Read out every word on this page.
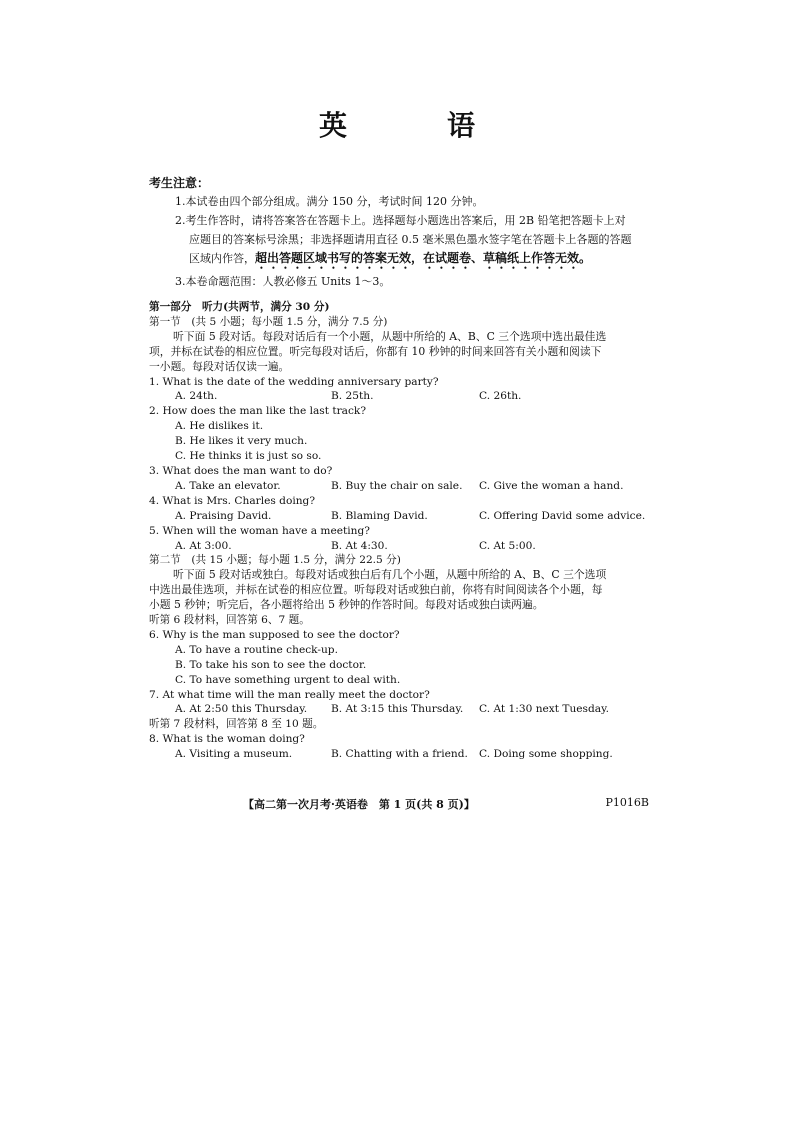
英　语
考生注意：

1.本试卷由四个部分组成。满分 150 分，考试时间 120 分钟。

2.考生作答时，请将答案答在答题卡上。选择题每小题选出答案后，用 2B 铅笔把答题卡上对

应题目的答案标号涂黑；非选择题请用直径 0.5 毫米黑色墨水签字笔在答题卡上各题的答题

区域内作答，超出答题区域书写的答案无效，在试题卷、草稿纸上作答无效。

3.本卷命题范围：人教必修五 Units 1～3。

第一部分　听力(共两节，满分 30 分)

第一节　(共 5 小题；每小题 1.5 分，满分 7.5 分)

听下面 5 段对话。每段对话后有一个小题，从题中所给的 A、B、C 三个选项中选出最佳选

项，并标在试卷的相应位置。听完每段对话后，你都有 10 秒钟的时间来回答有关小题和阅读下

一小题。每段对话仅读一遍。

1. What is the date of the wedding anniversary party?

A. 24th.	B. 25th.	C. 26th.

2. How does the man like the last track?

A. He dislikes it.

B. He likes it very much.

C. He thinks it is just so so.

3. What does the man want to do?

A. Take an elevator.	B. Buy the chair on sale.	C. Give the woman a hand.

4. What is Mrs. Charles doing?

A. Praising David.	B. Blaming David.	C. Offering David some advice.

5. When will the woman have a meeting?

A. At 3:00.	B. At 4:30.	C. At 5:00.

第二节　(共 15 小题；每小题 1.5 分，满分 22.5 分)

听下面 5 段对话或独白。每段对话或独白后有几个小题，从题中所给的 A、B、C 三个选项

中选出最佳选项，并标在试卷的相应位置。听每段对话或独白前，你将有时间阅读各个小题，每

小题 5 秒钟；听完后，各小题将给出 5 秒钟的作答时间。每段对话或独白读两遍。

听第 6 段材料，回答第 6、7 题。

6. Why is the man supposed to see the doctor?

A. To have a routine check-up.

B. To take his son to see the doctor.

C. To have something urgent to deal with.

7. At what time will the man really meet the doctor?

A. At 2:50 this Thursday.	B. At 3:15 this Thursday.	C. At 1:30 next Tuesday.

听第 7 段材料，回答第 8 至 10 题。

8. What is the woman doing?

A. Visiting a museum.	B. Chatting with a friend.	C. Doing some shopping.
【高二第一次月考·英语卷　第 1 页(共 8 页)】	P1016B
